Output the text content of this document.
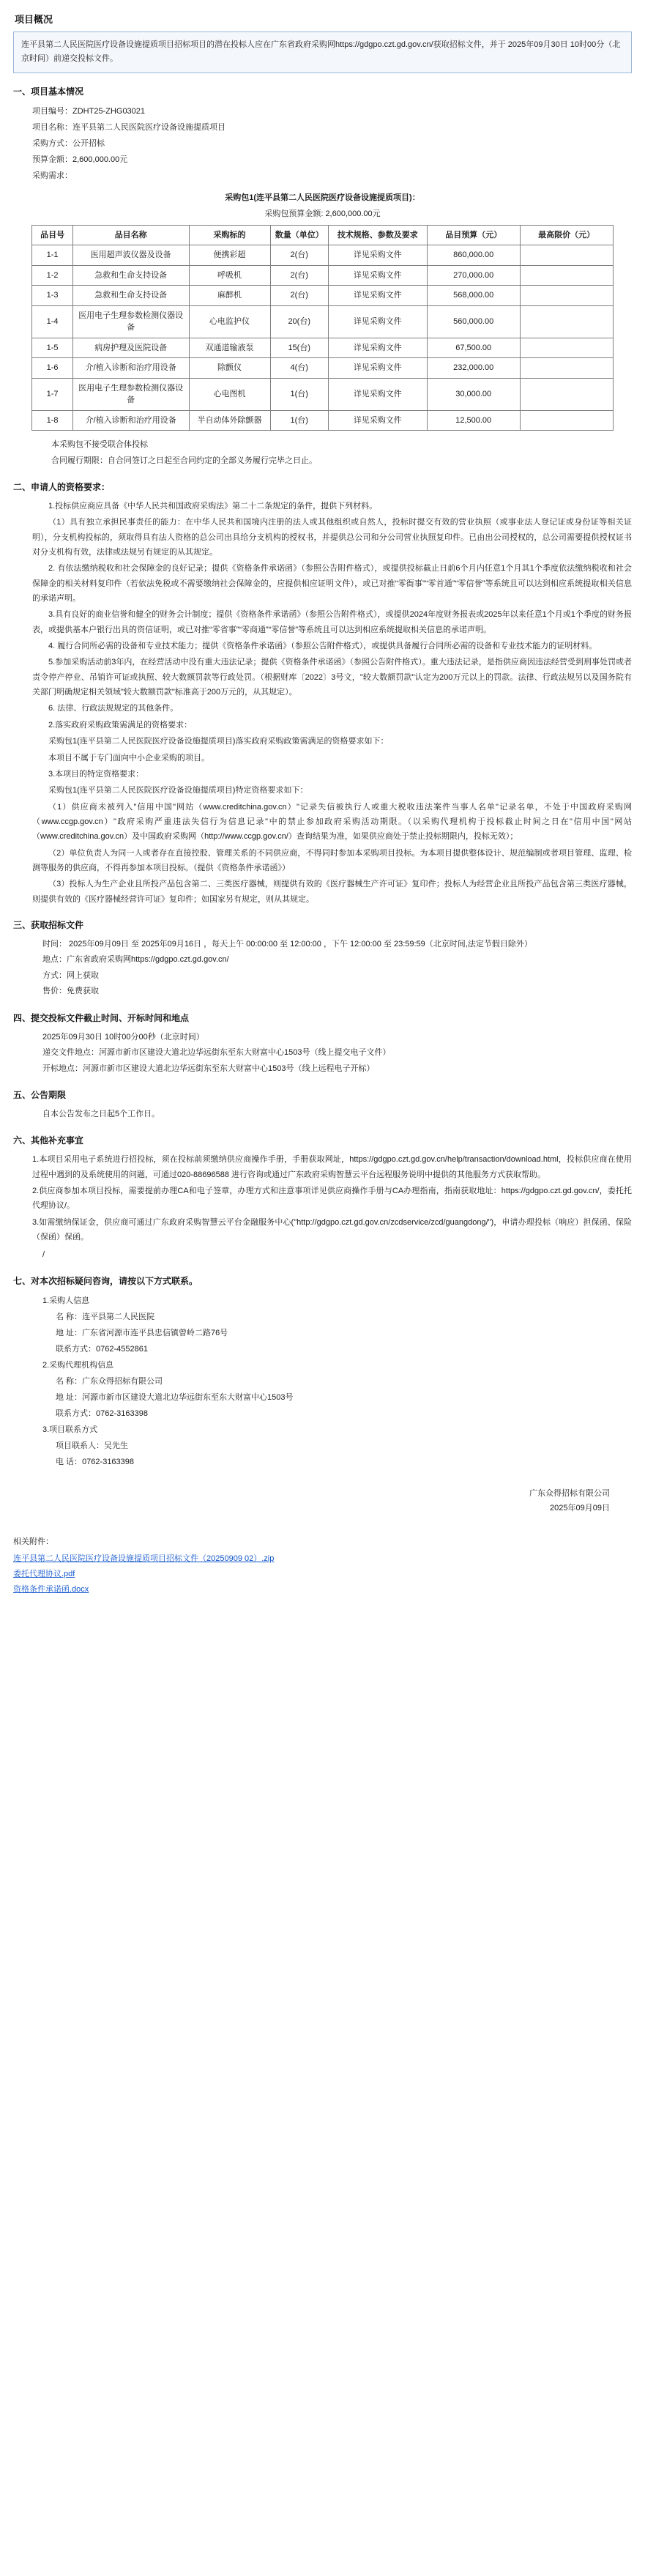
项目概况
连平县第二人民医院医疗设备设施提质项目招标项目的潜在投标人应在广东省政府采购网https://gdgpo.czt.gd.gov.cn/获取招标文件，并于 2025年09月30日 10时00分（北京时间）前递交投标文件。
一、项目基本情况
项目编号：ZDHT25-ZHG03021
项目名称：连平县第二人民医院医疗设备设施提质项目
采购方式：公开招标
预算金额：2,600,000.00元
采购需求：
采购包1(连平县第二人民医院医疗设备设施提质项目)：
采购包预算金额: 2,600,000.00元
品目号	品目名称	采购标的	数量（单位）	技术规格、参数及要求	品目预算（元）	最高限价（元）
1-1	医用超声波仪器及设备	便携彩超	2(台)	详见采购文件	860,000.00	
1-2	急救和生命支持设备	呼吸机	2(台)	详见采购文件	270,000.00	
1-3	急救和生命支持设备	麻醉机	2(台)	详见采购文件	568,000.00	
1-4	医用电子生理参数检测仪器设备	心电监护仪	20(台)	详见采购文件	560,000.00	
1-5	病房护理及医院设备	双通道输液泵	15(台)	详见采购文件	67,500.00	
1-6	介/植入诊断和治疗用设备	除颤仪	4(台)	详见采购文件	232,000.00	
1-7	医用电子生理参数检测仪器设备	心电图机	1(台)	详见采购文件	30,000.00	
1-8	介/植入诊断和治疗用设备	半自动体外除颤器	1(台)	详见采购文件	12,500.00	
本采购包不接受联合体投标
合同履行期限：自合同签订之日起至合同约定的全部义务履行完毕之日止。
二、申请人的资格要求：
1.投标供应商应具备《中华人民共和国政府采购法》第二十二条规定的条件，提供下列材料。
（1）具有独立承担民事责任的能力：在中华人民共和国境内注册的法人或其他组织或自然人，投标时提交有效的营业执照（或事业法人登记证或身份证等相关证明），分支机构投标的，须取得具有法人资格的总公司出具给分支机构的授权书，并提供总公司和分公司营业执照复印件。已由出公司授权的，总公司需要提供授权证书对分支机构有效，法律或法规另有规定的从其规定。
2. 有依法缴纳税收和社会保障金的良好记录；提供《资格条件承诺函》（参照公告附件格式），或提供投标截止日前6个月内任意1个月其1个季度依法缴纳税收和社会保障金的相关材料复印件（若依法免税或不需要缴纳社会保障金的，应提供相应证明文件），或已对推“零衙事”“零首通”“零信誉”等系统且可以达到相应系统提取相关信息的承诺声明。
3.具有良好的商业信誉和健全的财务会计制度；提供《资格条件承诺函》（参照公告附件格式），或提供2024年度财务报表或2025年以来任意1个月或1个季度的财务报表，或提供基本户银行出具的资信证明，或已对推“零省事”“零商通”“零信誉”等系统且可以达到相应系统提取相关信息的承诺声明。
4. 履行合同所必需的设备和专业技术能力；提供《资格条件承诺函》（参照公告附件格式），或提供具备履行合同所必需的设备和专业技术能力的证明材料。
5.参加采购活动前3年内，在经营活动中没有重大违法记录；提供《资格条件承诺函》（参照公告附件格式）。重大违法记录，是指供应商因违法经营受到刑事处罚或者责令停产停业、吊销许可证或执照、较大数额罚款等行政处罚。（根据财库〔2022〕3号文，"较大数额罚款"认定为200万元以上的罚款。法律、行政法规另以及国务院有关部门明确规定相关领域"较大数额罚款"标准高于200万元的，从其规定）。
6. 法律、行政法规规定的其他条件。
2.落实政府采购政策需满足的资格要求：
采购包1(连平县第二人民医院医疗设备设施提质项目)落实政府采购政策需满足的资格要求如下：
本项目不属于专门面向中小企业采购的项目。
3.本项目的特定资格要求：
采购包1(连平县第二人民医院医疗设备设施提质项目)特定资格要求如下：
（1）供应商未被列入"信用中国"网站（www.creditchina.gov.cn）"记录失信被执行人或重大税收违法案件当事人名单"记录名单，不处于中国政府采购网（www.ccgp.gov.cn）"政府采购严重违法失信行为信息记录"中的禁止参加政府采购活动期限。（以采购代理机构于投标截止时间之日在"信用中国"网站（www.creditchina.gov.cn）及中国政府采购网（http://www.ccgp.gov.cn/）查询结果为准，如果供应商处于禁止投标期限内，投标无效）；
（2）单位负责人为同一人或者存在直接控股、管理关系的不同供应商，不得同时参加本采购项目投标。为本项目提供整体设计、规范编制或者项目管理、监理、检测等服务的供应商，不得再参加本项目投标。（提供《资格条件承诺函》）
（3）投标人为生产企业且所投产品包含第二、三类医疗器械，则提供有效的《医疗器械生产许可证》复印件；投标人为经营企业且所投产品包含第三类医疗器械，则提供有效的《医疗器械经营许可证》复印件；如国家另有规定，则从其规定。
三、获取招标文件
时间： 2025年09月09日 至 2025年09月16日 ，每天上午 00:00:00 至 12:00:00 ，下午 12:00:00 至 23:59:59（北京时间,法定节假日除外）
地点：广东省政府采购网https://gdgpo.czt.gd.gov.cn/
方式：网上获取
售价：免费获取
四、提交投标文件截止时间、开标时间和地点
2025年09月30日 10时00分00秒（北京时间）
递交文件地点：河源市新市区建设大道北边华远街东至东大财富中心1503号（线上提交电子文件）
开标地点：河源市新市区建设大道北边华远街东至东大财富中心1503号（线上远程电子开标）
五、公告期限
自本公告发布之日起5个工作日。
六、其他补充事宜
1.本项目采用电子系统进行招投标，须在投标前须缴纳供应商操作手册，手册获取网址，https://gdgpo.czt.gd.gov.cn/help/transaction/download.html，投标供应商在使用过程中遇到的及系统使用的问题，可通过020-88696588 进行咨询或通过广东政府采购智慧云平台远程服务说明中提供的其他服务方式获取帮助。
2.供应商参加本项目投标，需要提前办理CA和电子签章，办理方式和注意事项详见供应商操作手册与CA办理指南，指南获取地址：https://gdgpo.czt.gd.gov.cn/，委托托代理协议/。
3.如需缴纳保证金，供应商可通过广东政府采购智慧云平台金融服务中心("http://gdgpo.czt.gd.gov.cn/zcdservice/zcd/guangdong/")，申请办理投标（响应）担保函、保险（保函）保函。
/
七、对本次招标疑问咨询，请按以下方式联系。
1.采购人信息
名 称：连平县第二人民医院
地 址：广东省河源市连平县忠信镇曾岭二路76号
联系方式：0762-4552861
2.采购代理机构信息
名 称：广东众得招标有限公司
地 址：河源市新市区建设大道北边华远街东至东大财富中心1503号
联系方式：0762-3163398
3.项目联系方式
项目联系人：吴先生
电 话：0762-3163398
广东众得招标有限公司
2025年09月09日
相关附件：
连平县第二人民医院医疗设备设施提质项目招标文件（20250909 02）.zip
委托代理协议.pdf
资格条件承诺函.docx
